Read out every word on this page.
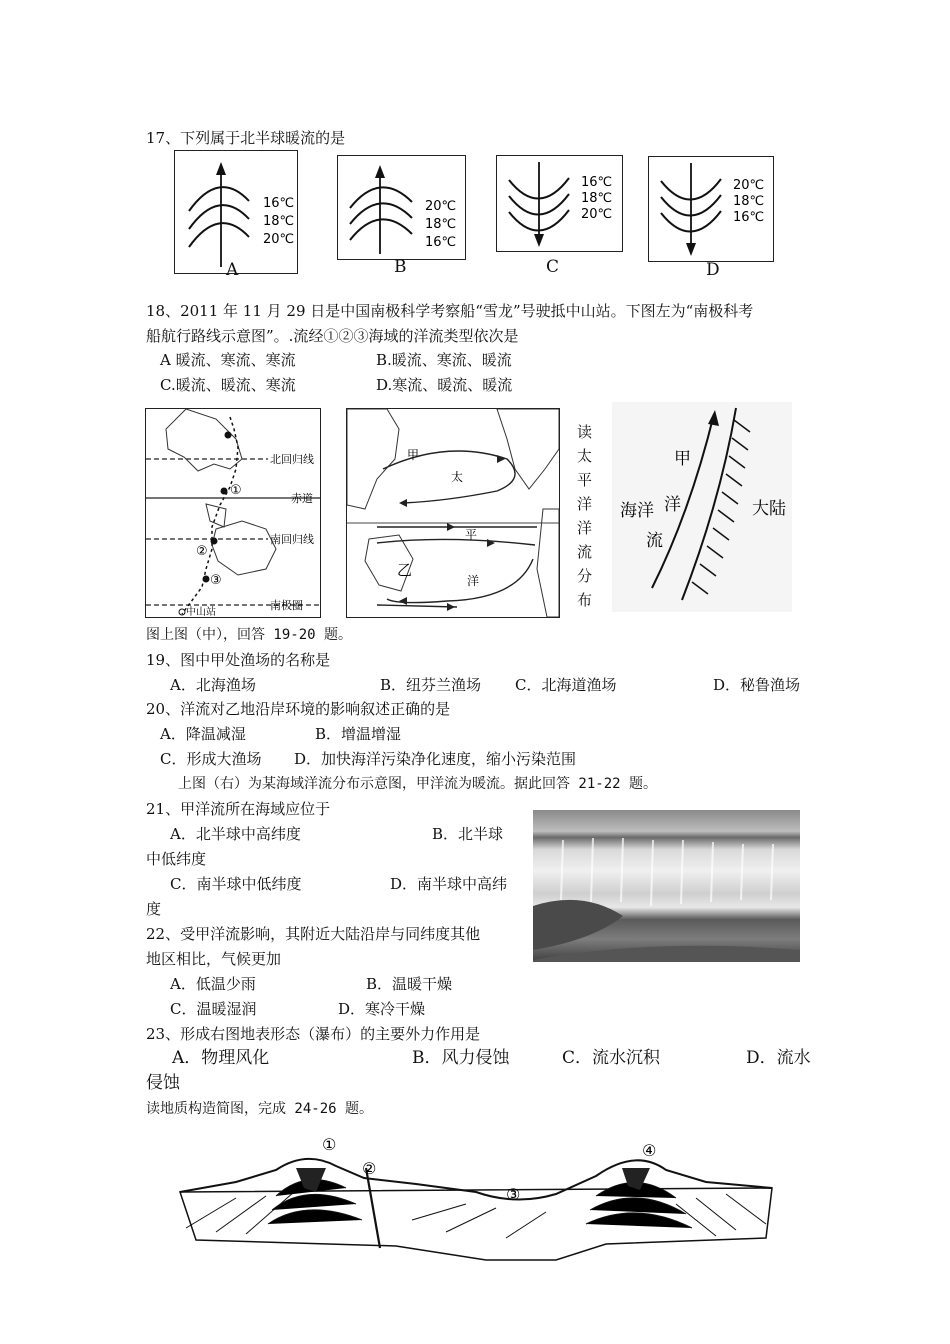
17、下列属于北半球暖流的是
16℃
18℃
20℃
A
20℃
18℃
16℃
B
16℃
18℃
20℃
C
20℃
18℃
16℃
D
18、2011 年 11 月 29 日是中国南极科学考察船“雪龙”号驶抵中山站。下图左为“南极科考
船航行路线示意图”。.流经①②③海域的洋流类型依次是
A 暖流、寒流、寒流	B.暖流、寒流、暖流
C.暖流、暖流、寒流	D.寒流、暖流、暖流
①
②
③
北回归线
赤道
南回归线
中山站
南极圈
甲
太
平
洋
乙
读太平洋洋流分布
甲
海洋 洋
流
大陆
图上图（中），回答 19-20 题。
19、图中甲处渔场的名称是
A．北海渔场	B．纽芬兰渔场 C．北海道渔场	D．秘鲁渔场
20、洋流对乙地沿岸环境的影响叙述正确的是
A．降温减湿	B．增温增湿
C．形成大渔场 D．加快海洋污染净化速度，缩小污染范围
上图（右）为某海域洋流分布示意图，甲洋流为暖流。据此回答 21-22 题。
21、甲洋流所在海域应位于
A．北半球中高纬度	B．北半球
中低纬度
C．南半球中低纬度	D．南半球中高纬
度
22、受甲洋流影响，其附近大陆沿岸与同纬度其他
地区相比，气候更加
A．低温少雨	B．温暖干燥
C．温暖湿润	D．寒冷干燥
23、形成右图地表形态（瀑布）的主要外力作用是
A．物理风化	B．风力侵蚀	C．流水沉积	D．流水
侵蚀
读地质构造简图，完成 24-26 题。
①
②
③
④
